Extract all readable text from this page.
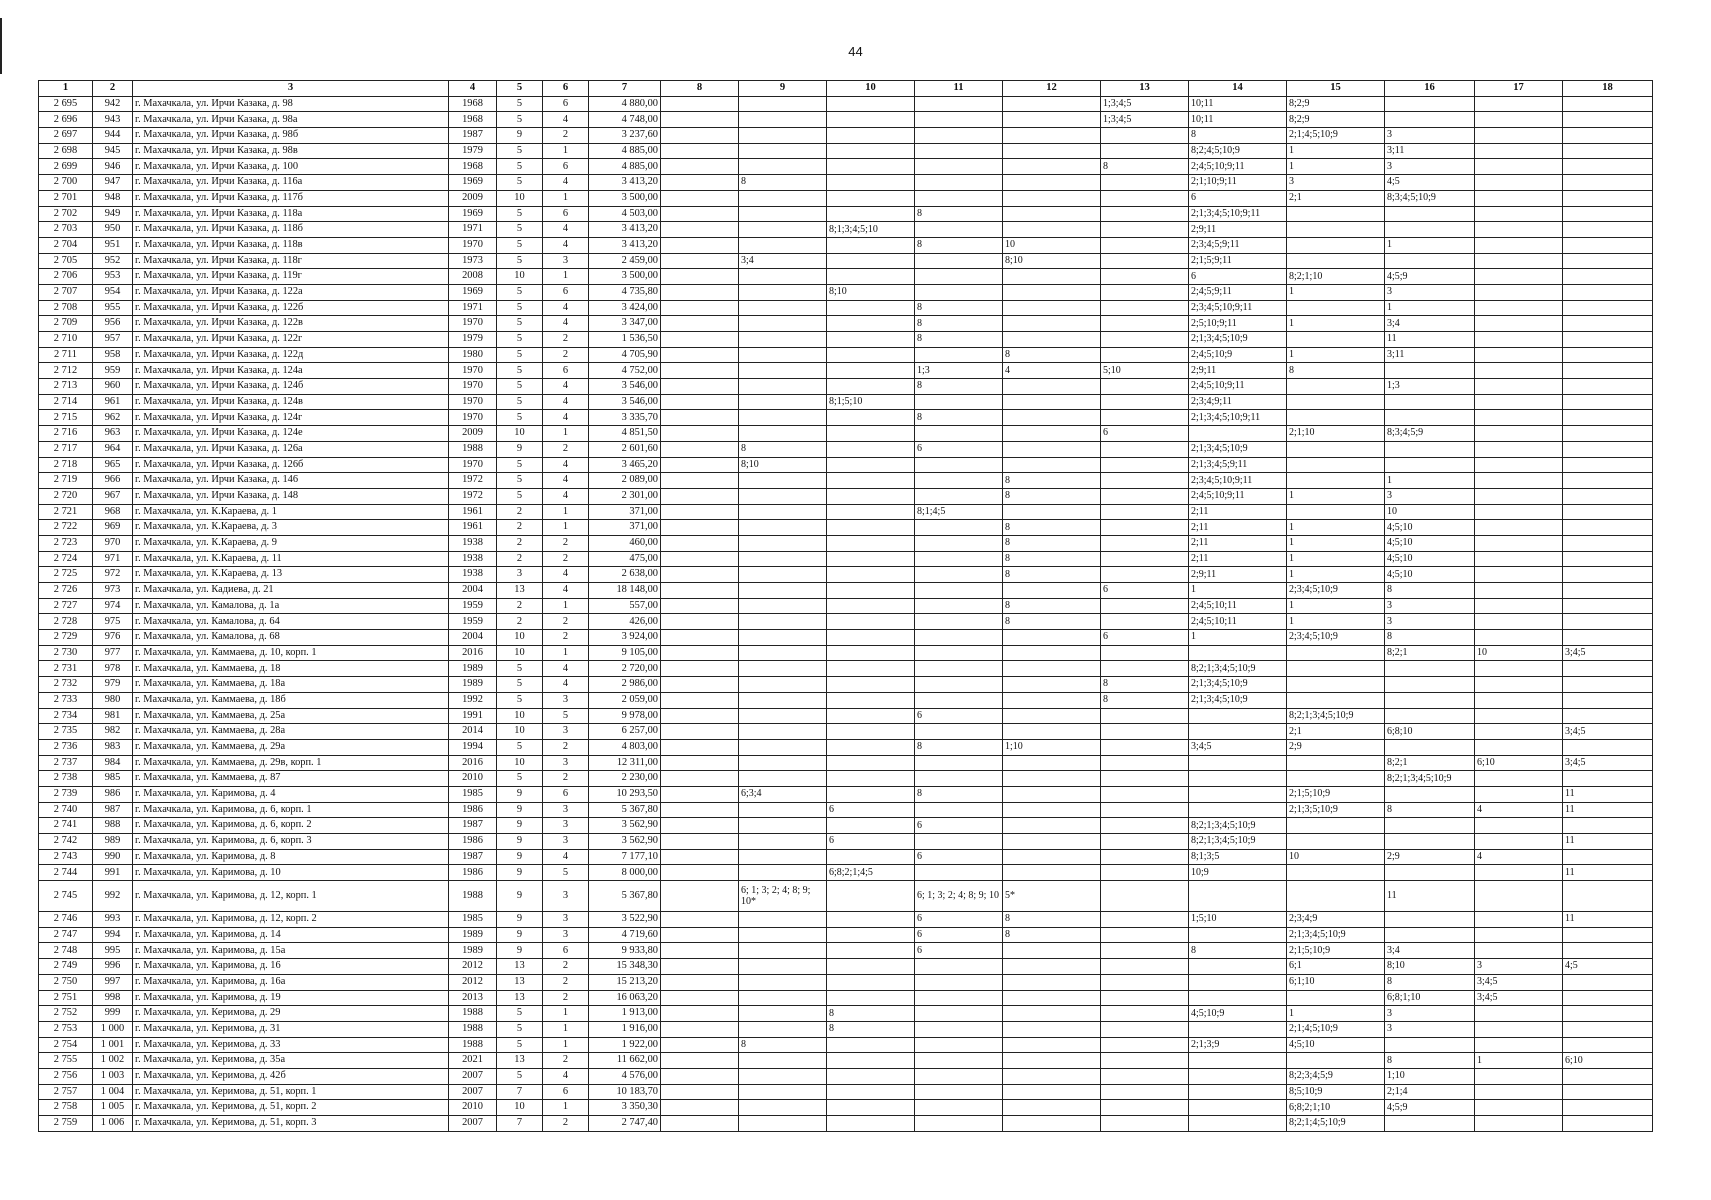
44
1	2	3	4	5	6	7	8	9	10	11	12	13	14	15	16	17	18
2 695	942	г. Махачкала, ул. Ирчи Казака, д. 98	1968	5	6	4 880,00						1;3;4;5	10;11	8;2;9			
2 696	943	г. Махачкала, ул. Ирчи Казака, д. 98а	1968	5	4	4 748,00						1;3;4;5	10;11	8;2;9			
2 697	944	г. Махачкала, ул. Ирчи Казака, д. 98б	1987	9	2	3 237,60							8	2;1;4;5;10;9	3		
2 698	945	г. Махачкала, ул. Ирчи Казака, д. 98в	1979	5	1	4 885,00							8;2;4;5;10;9	1	3;11		
2 699	946	г. Махачкала, ул. Ирчи Казака, д. 100	1968	5	6	4 885,00						8	2;4;5;10;9;11	1	3		
2 700	947	г. Махачкала, ул. Ирчи Казака, д. 116а	1969	5	4	3 413,20		8					2;1;10;9;11	3	4;5		
2 701	948	г. Махачкала, ул. Ирчи Казака, д. 117б	2009	10	1	3 500,00							6	2;1	8;3;4;5;10;9		
2 702	949	г. Махачкала, ул. Ирчи Казака, д. 118а	1969	5	6	4 503,00				8			2;1;3;4;5;10;9;11				
2 703	950	г. Махачкала, ул. Ирчи Казака, д. 118б	1971	5	4	3 413,20			8;1;3;4;5;10				2;9;11				
2 704	951	г. Махачкала, ул. Ирчи Казака, д. 118в	1970	5	4	3 413,20				8	10		2;3;4;5;9;11		1		
2 705	952	г. Махачкала, ул. Ирчи Казака, д. 118г	1973	5	3	2 459,00		3;4			8;10		2;1;5;9;11				
2 706	953	г. Махачкала, ул. Ирчи Казака, д. 119г	2008	10	1	3 500,00							6	8;2;1;10	4;5;9		
2 707	954	г. Махачкала, ул. Ирчи Казака, д. 122а	1969	5	6	4 735,80			8;10				2;4;5;9;11	1	3		
2 708	955	г. Махачкала, ул. Ирчи Казака, д. 122б	1971	5	4	3 424,00				8			2;3;4;5;10;9;11		1		
2 709	956	г. Махачкала, ул. Ирчи Казака, д. 122в	1970	5	4	3 347,00				8			2;5;10;9;11	1	3;4		
2 710	957	г. Махачкала, ул. Ирчи Казака, д. 122г	1979	5	2	1 536,50				8			2;1;3;4;5;10;9		11		
2 711	958	г. Махачкала, ул. Ирчи Казака, д. 122д	1980	5	2	4 705,90					8		2;4;5;10;9	1	3;11		
2 712	959	г. Махачкала, ул. Ирчи Казака, д. 124а	1970	5	6	4 752,00				1;3	4	5;10	2;9;11	8			
2 713	960	г. Махачкала, ул. Ирчи Казака, д. 124б	1970	5	4	3 546,00				8			2;4;5;10;9;11		1;3		
2 714	961	г. Махачкала, ул. Ирчи Казака, д. 124в	1970	5	4	3 546,00			8;1;5;10				2;3;4;9;11				
2 715	962	г. Махачкала, ул. Ирчи Казака, д. 124г	1970	5	4	3 335,70				8			2;1;3;4;5;10;9;11				
2 716	963	г. Махачкала, ул. Ирчи Казака, д. 124е	2009	10	1	4 851,50						6		2;1;10	8;3;4;5;9		
2 717	964	г. Махачкала, ул. Ирчи Казака, д. 126а	1988	9	2	2 601,60		8		6			2;1;3;4;5;10;9				
2 718	965	г. Махачкала, ул. Ирчи Казака, д. 126б	1970	5	4	3 465,20		8;10					2;1;3;4;5;9;11				
2 719	966	г. Махачкала, ул. Ирчи Казака, д. 146	1972	5	4	2 089,00					8		2;3;4;5;10;9;11		1		
2 720	967	г. Махачкала, ул. Ирчи Казака, д. 148	1972	5	4	2 301,00					8		2;4;5;10;9;11	1	3		
2 721	968	г. Махачкала, ул. К.Караева, д. 1	1961	2	1	371,00				8;1;4;5			2;11		10		
2 722	969	г. Махачкала, ул. К.Караева, д. 3	1961	2	1	371,00					8		2;11	1	4;5;10		
2 723	970	г. Махачкала, ул. К.Караева, д. 9	1938	2	2	460,00					8		2;11	1	4;5;10		
2 724	971	г. Махачкала, ул. К.Караева, д. 11	1938	2	2	475,00					8		2;11	1	4;5;10		
2 725	972	г. Махачкала, ул. К.Караева, д. 13	1938	3	4	2 638,00					8		2;9;11	1	4;5;10		
2 726	973	г. Махачкала, ул. Кадиева, д. 21	2004	13	4	18 148,00						6	1	2;3;4;5;10;9	8		
2 727	974	г. Махачкала, ул. Камалова, д. 1а	1959	2	1	557,00					8		2;4;5;10;11	1	3		
2 728	975	г. Махачкала, ул. Камалова, д. 64	1959	2	2	426,00					8		2;4;5;10;11	1	3		
2 729	976	г. Махачкала, ул. Камалова, д. 68	2004	10	2	3 924,00						6	1	2;3;4;5;10;9	8		
2 730	977	г. Махачкала, ул. Каммаева, д. 10, корп. 1	2016	10	1	9 105,00									8;2;1	10	3;4;5
2 731	978	г. Махачкала, ул. Каммаева, д. 18	1989	5	4	2 720,00							8;2;1;3;4;5;10;9				
2 732	979	г. Махачкала, ул. Каммаева, д. 18а	1989	5	4	2 986,00						8	2;1;3;4;5;10;9				
2 733	980	г. Махачкала, ул. Каммаева, д. 18б	1992	5	3	2 059,00						8	2;1;3;4;5;10;9				
2 734	981	г. Махачкала, ул. Каммаева, д. 25а	1991	10	5	9 978,00				6				8;2;1;3;4;5;10;9			
2 735	982	г. Махачкала, ул. Каммаева, д. 28а	2014	10	3	6 257,00								2;1	6;8;10		3;4;5
2 736	983	г. Махачкала, ул. Каммаева, д. 29а	1994	5	2	4 803,00				8	1;10		3;4;5	2;9			
2 737	984	г. Махачкала, ул. Каммаева, д. 29в, корп. 1	2016	10	3	12 311,00									8;2;1	6;10	3;4;5
2 738	985	г. Махачкала, ул. Каммаева, д. 87	2010	5	2	2 230,00									8;2;1;3;4;5;10;9		
2 739	986	г. Махачкала, ул. Каримова, д. 4	1985	9	6	10 293,50		6;3;4		8				2;1;5;10;9			11
2 740	987	г. Махачкала, ул. Каримова, д. 6, корп. 1	1986	9	3	5 367,80			6					2;1;3;5;10;9	8	4	11
2 741	988	г. Махачкала, ул. Каримова, д. 6, корп. 2	1987	9	3	3 562,90				6			8;2;1;3;4;5;10;9				
2 742	989	г. Махачкала, ул. Каримова, д. 6, корп. 3	1986	9	3	3 562,90			6				8;2;1;3;4;5;10;9				11
2 743	990	г. Махачкала, ул. Каримова, д. 8	1987	9	4	7 177,10				6			8;1;3;5	10	2;9	4	
2 744	991	г. Махачкала, ул. Каримова, д. 10	1986	9	5	8 000,00			6;8;2;1;4;5				10;9				11
2 745	992	г. Махачкала, ул. Каримова, д. 12, корп. 1	1988	9	3	5 367,80		6; 1; 3; 2; 4; 8; 9; 10*		6; 1; 3; 2; 4; 8; 9; 10	5*				11		
2 746	993	г. Махачкала, ул. Каримова, д. 12, корп. 2	1985	9	3	3 522,90				6	8		1;5;10	2;3;4;9			11
2 747	994	г. Махачкала, ул. Каримова, д. 14	1989	9	3	4 719,60				6	8			2;1;3;4;5;10;9			
2 748	995	г. Махачкала, ул. Каримова, д. 15а	1989	9	6	9 933,80				6			8	2;1;5;10;9	3;4		
2 749	996	г. Махачкала, ул. Каримова, д. 16	2012	13	2	15 348,30								6;1	8;10	3	4;5
2 750	997	г. Махачкала, ул. Каримова, д. 16а	2012	13	2	15 213,20								6;1;10	8	3;4;5	
2 751	998	г. Махачкала, ул. Каримова, д. 19	2013	13	2	16 063,20									6;8;1;10	3;4;5	
2 752	999	г. Махачкала, ул. Керимова, д. 29	1988	5	1	1 913,00			8				4;5;10;9	1	3		
2 753	1 000	г. Махачкала, ул. Керимова, д. 31	1988	5	1	1 916,00			8					2;1;4;5;10;9	3		
2 754	1 001	г. Махачкала, ул. Керимова, д. 33	1988	5	1	1 922,00		8					2;1;3;9	4;5;10			
2 755	1 002	г. Махачкала, ул. Керимова, д. 35а	2021	13	2	11 662,00									8	1	6;10
2 756	1 003	г. Махачкала, ул. Керимова, д. 42б	2007	5	4	4 576,00								8;2;3;4;5;9	1;10		
2 757	1 004	г. Махачкала, ул. Керимова, д. 51, корп. 1	2007	7	6	10 183,70								8;5;10;9	2;1;4		
2 758	1 005	г. Махачкала, ул. Керимова, д. 51, корп. 2	2010	10	1	3 350,30								6;8;2;1;10	4;5;9		
2 759	1 006	г. Махачкала, ул. Керимова, д. 51, корп. 3	2007	7	2	2 747,40								8;2;1;4;5;10;9			
